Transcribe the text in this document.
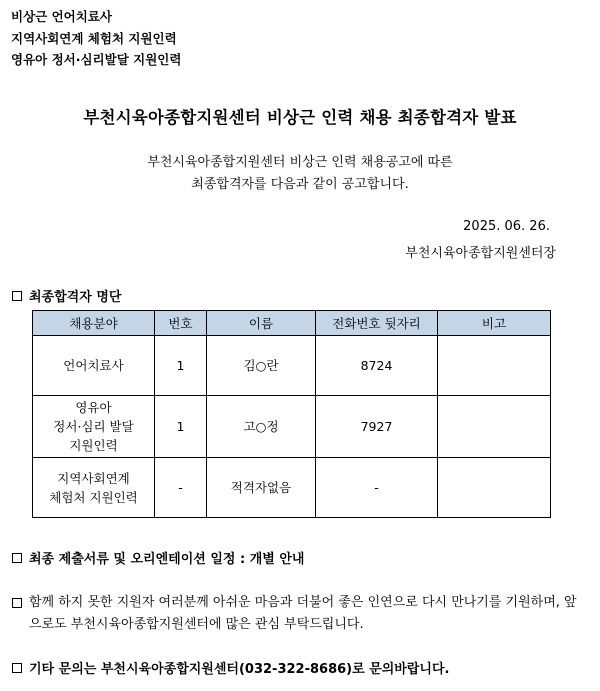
비상근 언어치료사
지역사회연계 체험처 지원인력
영유아 정서·심리발달 지원인력
부천시육아종합지원센터 비상근 인력 채용 최종합격자 발표
부천시육아종합지원센터 비상근 인력 채용공고에 따른
최종합격자를 다음과 같이 공고합니다.
2025. 06. 26.
부천시육아종합지원센터장
최종합격자 명단
채용분야	번호	이름	전화번호 뒷자리	비고

언어치료사	1	김○란	8724	

영유아
정서·심리 발달
지원인력	1	고○정	7927	

지역사회연계
체험처 지원인력	-	적격자없음	-	
최종 제출서류 및 오리엔테이션 일정 : 개별 안내
함께 하지 못한 지원자 여러분께 아쉬운 마음과 더불어 좋은 인연으로 다시 만나기를 기원하며, 앞으로도 부천시육아종합지원센터에 많은 관심 부탁드립니다.
기타 문의는 부천시육아종합지원센터(032-322-8686)로 문의바랍니다.
